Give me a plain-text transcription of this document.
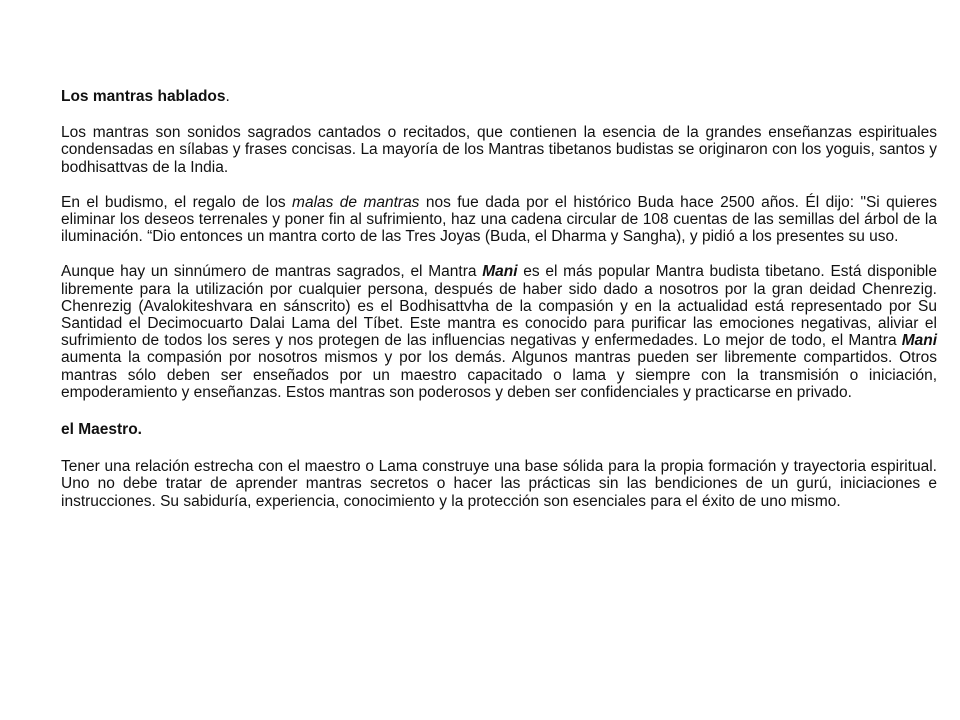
Los mantras hablados.

Los mantras son sonidos sagrados cantados o recitados, que contienen la esencia de la grandes enseñanzas espirituales condensadas en sílabas y frases concisas. La mayoría de los Mantras tibetanos budistas se originaron con los yoguis, santos y bodhisattvas de la India.

En el budismo, el regalo de los malas de mantras nos fue dada por el histórico Buda hace 2500 años. Él dijo: "Si quieres eliminar los deseos terrenales y poner fin al sufrimiento, haz una cadena circular de 108 cuentas de las semillas del árbol de la iluminación. “Dio entonces un mantra corto de las Tres Joyas (Buda, el Dharma y Sangha), y pidió a los presentes su uso.

Aunque hay un sinnúmero de mantras sagrados, el Mantra Mani es el más popular Mantra budista tibetano. Está disponible libremente para la utilización por cualquier persona, después de haber sido dado a nosotros por la gran deidad Chenrezig. Chenrezig (Avalokiteshvara en sánscrito) es el Bodhisattvha de la compasión y en la actualidad está representado por Su Santidad el Decimocuarto Dalai Lama del Tíbet. Este mantra es conocido para purificar las emociones negativas, aliviar el sufrimiento de todos los seres y nos protegen de las influencias negativas y enfermedades. Lo mejor de todo, el Mantra Mani aumenta la compasión por nosotros mismos y por los demás. Algunos mantras pueden ser libremente compartidos. Otros mantras sólo deben ser enseñados por un maestro capacitado o lama y siempre con la transmisión o iniciación, empoderamiento y enseñanzas. Estos mantras son poderosos y deben ser confidenciales y practicarse en privado.

el Maestro.

Tener una relación estrecha con el maestro o Lama construye una base sólida para la propia formación y trayectoria espiritual. Uno no debe tratar de aprender mantras secretos o hacer las prácticas sin las bendiciones de un gurú, iniciaciones e instrucciones. Su sabiduría, experiencia, conocimiento y la protección son esenciales para el éxito de uno mismo.
